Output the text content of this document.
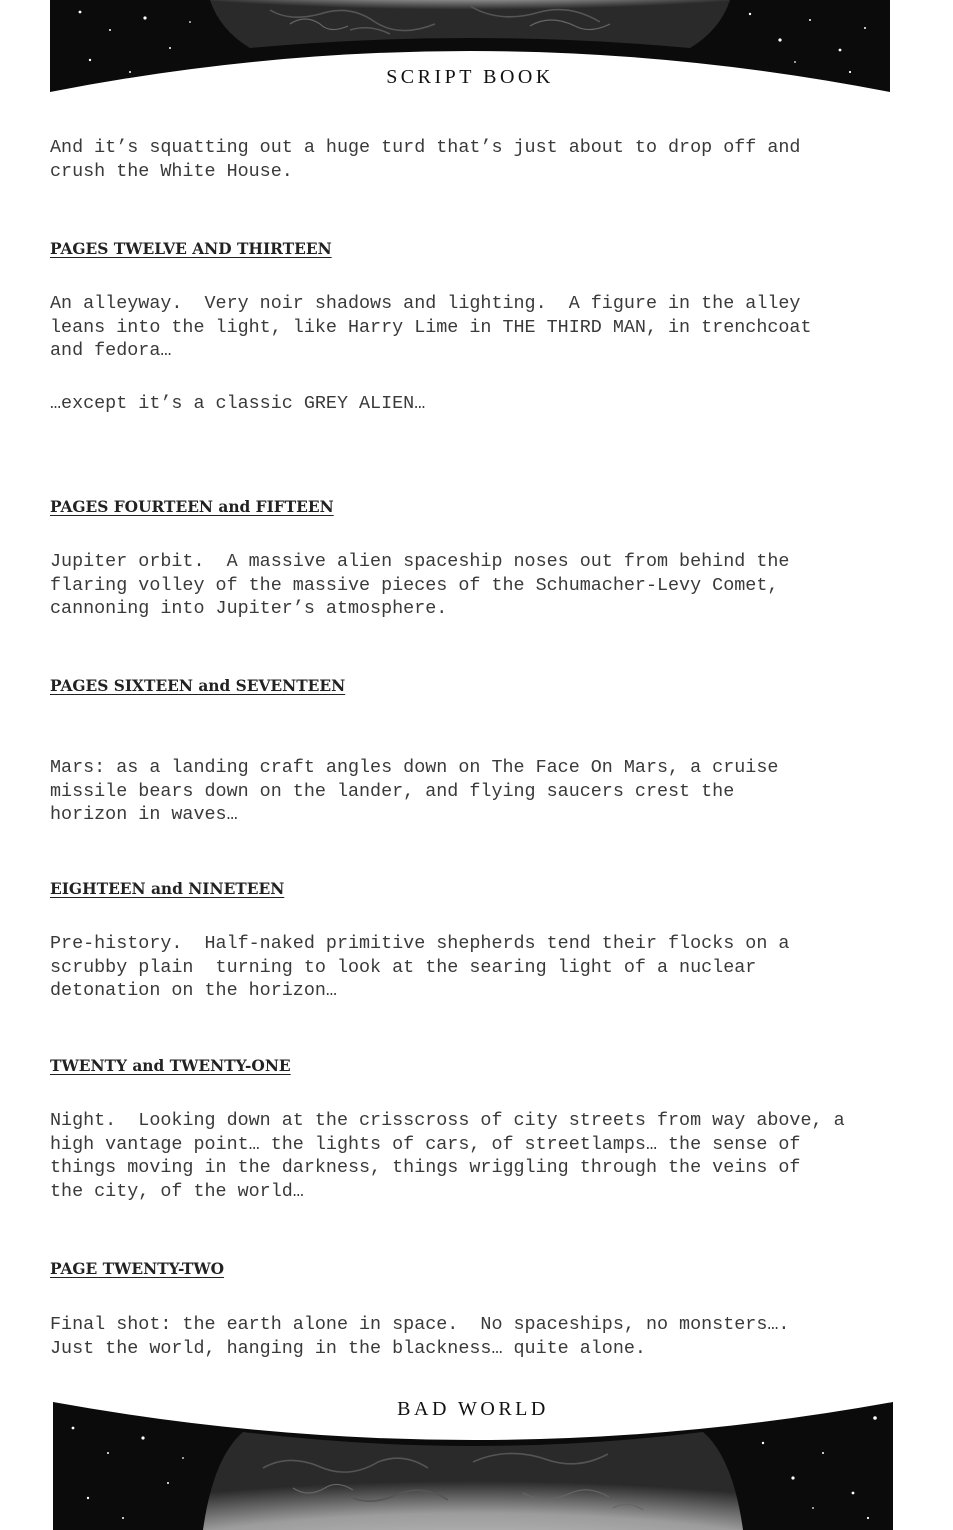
SCRIPT BOOK

And it’s squatting out a huge turd that’s just about to drop off and
crush the White House.

PAGES TWELVE AND THIRTEEN

An alleyway.  Very noir shadows and lighting.  A figure in the alley
leans into the light, like Harry Lime in THE THIRD MAN, in trenchcoat
and fedora…

…except it’s a classic GREY ALIEN…

PAGES FOURTEEN and FIFTEEN

Jupiter orbit.  A massive alien spaceship noses out from behind the
flaring volley of the massive pieces of the Schumacher-Levy Comet,
cannoning into Jupiter’s atmosphere.

PAGES SIXTEEN and SEVENTEEN

Mars: as a landing craft angles down on The Face On Mars, a cruise
missile bears down on the lander, and flying saucers crest the
horizon in waves…

EIGHTEEN and NINETEEN

Pre-history.  Half-naked primitive shepherds tend their flocks on a
scrubby plain  turning to look at the searing light of a nuclear
detonation on the horizon…

TWENTY and TWENTY-ONE

Night.  Looking down at the crisscross of city streets from way above, a
high vantage point… the lights of cars, of streetlamps… the sense of
things moving in the darkness, things wriggling through the veins of
the city, of the world…

PAGE TWENTY-TWO

Final shot: the earth alone in space.  No spaceships, no monsters….
Just the world, hanging in the blackness… quite alone.

BAD WORLD
